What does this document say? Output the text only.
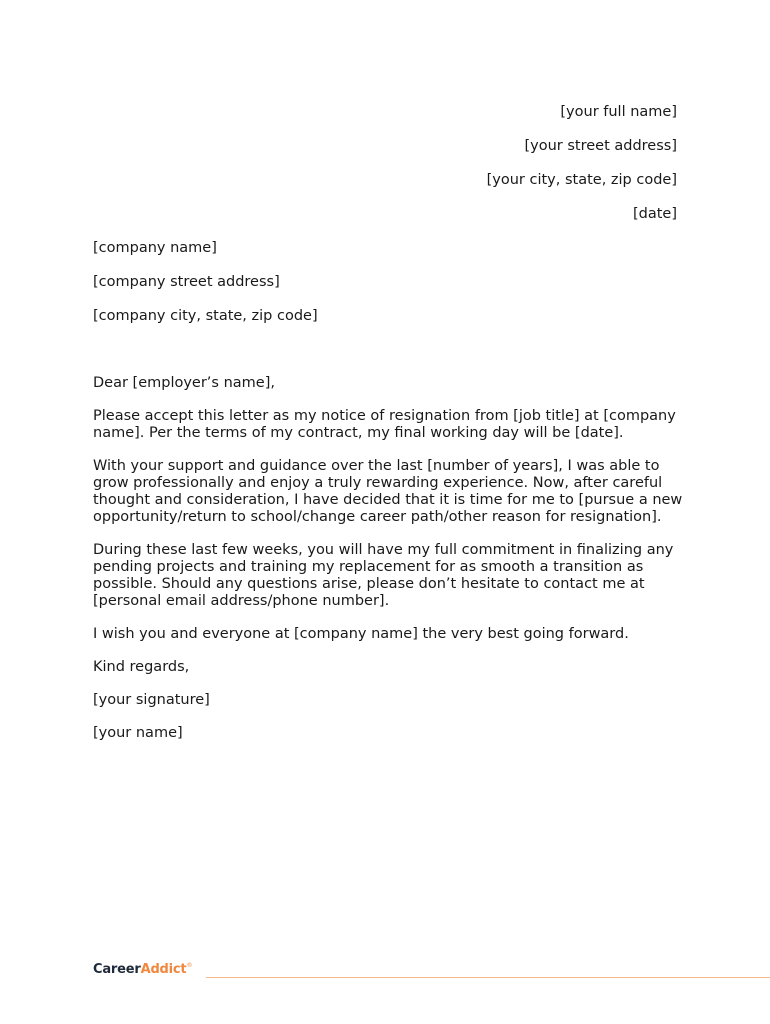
[your full name]
[your street address]
[your city, state, zip code]
[date]
[company name]
[company street address]
[company city, state, zip code]

Dear [employer’s name],

Please accept this letter as my notice of resignation from [job title] at [company name]. Per the terms of my contract, my final working day will be [date].

With your support and guidance over the last [number of years], I was able to grow professionally and enjoy a truly rewarding experience. Now, after careful thought and consideration, I have decided that it is time for me to [pursue a new opportunity/return to school/change career path/other reason for resignation].

During these last few weeks, you will have my full commitment in finalizing any pending projects and training my replacement for as smooth a transition as possible. Should any questions arise, please don’t hesitate to contact me at [personal email address/phone number].

I wish you and everyone at [company name] the very best going forward.

Kind regards,

[your signature]

[your name]

CareerAddict®
